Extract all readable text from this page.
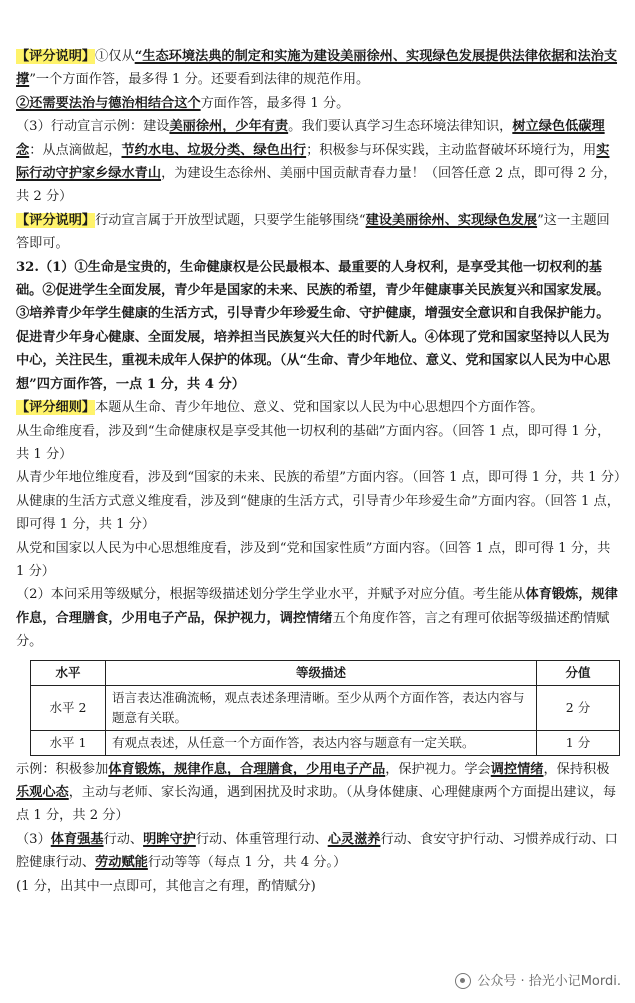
【评分说明】①仅从“生态环境法典的制定和实施为建设美丽徐州、实现绿色发展提供法律依据和法治支撑”一个方面作答，最多得 1 分。还要看到法律的规范作用。

②还需要法治与德治相结合这个方面作答，最多得 1 分。

（3）行动宣言示例：建设美丽徐州，少年有责。我们要认真学习生态环境法律知识，树立绿色低碳理念：从点滴做起，节约水电、垃圾分类、绿色出行；积极参与环保实践，主动监督破坏环境行为，用实际行动守护家乡绿水青山，为建设生态徐州、美丽中国贡献青春力量！（回答任意 2 点，即可得 2 分，共 2 分）

【评分说明】行动宣言属于开放型试题，只要学生能够围绕“建设美丽徐州、实现绿色发展”这一主题回答即可。

32.（1）①生命是宝贵的，生命健康权是公民最根本、最重要的人身权利，是享受其他一切权利的基础。②促进学生全面发展，青少年是国家的未来、民族的希望，青少年健康事关民族复兴和国家发展。③培养青少年学生健康的生活方式，引导青少年珍爱生命、守护健康，增强安全意识和自我保护能力。促进青少年身心健康、全面发展，培养担当民族复兴大任的时代新人。④体现了党和国家坚持以人民为中心，关注民生，重视未成年人保护的体现。（从“生命、青少年地位、意义、党和国家以人民为中心思想”四方面作答，一点 1 分，共 4 分）

【评分细则】本题从生命、青少年地位、意义、党和国家以人民为中心思想四个方面作答。

从生命维度看，涉及到“生命健康权是享受其他一切权利的基础”方面内容。（回答 1 点，即可得 1 分，共 1 分）

从青少年地位维度看，涉及到“国家的未来、民族的希望”方面内容。（回答 1 点，即可得 1 分，共 1 分）

从健康的生活方式意义维度看，涉及到“健康的生活方式，引导青少年珍爱生命”方面内容。（回答 1 点，即可得 1 分，共 1 分）

从党和国家以人民为中心思想维度看，涉及到“党和国家性质”方面内容。（回答 1 点，即可得 1 分，共 1 分）

（2）本问采用等级赋分，根据等级描述划分学生学业水平，并赋予对应分值。考生能从体育锻炼，规律作息，合理膳食，少用电子产品，保护视力，调控情绪五个角度作答，言之有理可依据等级描述酌情赋分。

水平	等级描述	分值
水平 2	语言表达准确流畅，观点表述条理清晰。至少从两个方面作答，表达内容与题意有关联。	2 分
水平 1	有观点表述，从任意一个方面作答，表达内容与题意有一定关联。	1 分

示例：积极参加体育锻炼，规律作息，合理膳食，少用电子产品，保护视力。学会调控情绪，保持积极乐观心态，主动与老师、家长沟通，遇到困扰及时求助。（从身体健康、心理健康两个方面提出建议，每点 1 分，共 2 分）

（3）体育强基行动、明眸守护行动、体重管理行动、心灵滋养行动、食安守护行动、习惯养成行动、口腔健康行动、劳动赋能行动等等（每点 1 分，共 4 分。）

(1 分，出其中一点即可，其他言之有理，酌情赋分)

公众号 · 拾光小记Mordi.
